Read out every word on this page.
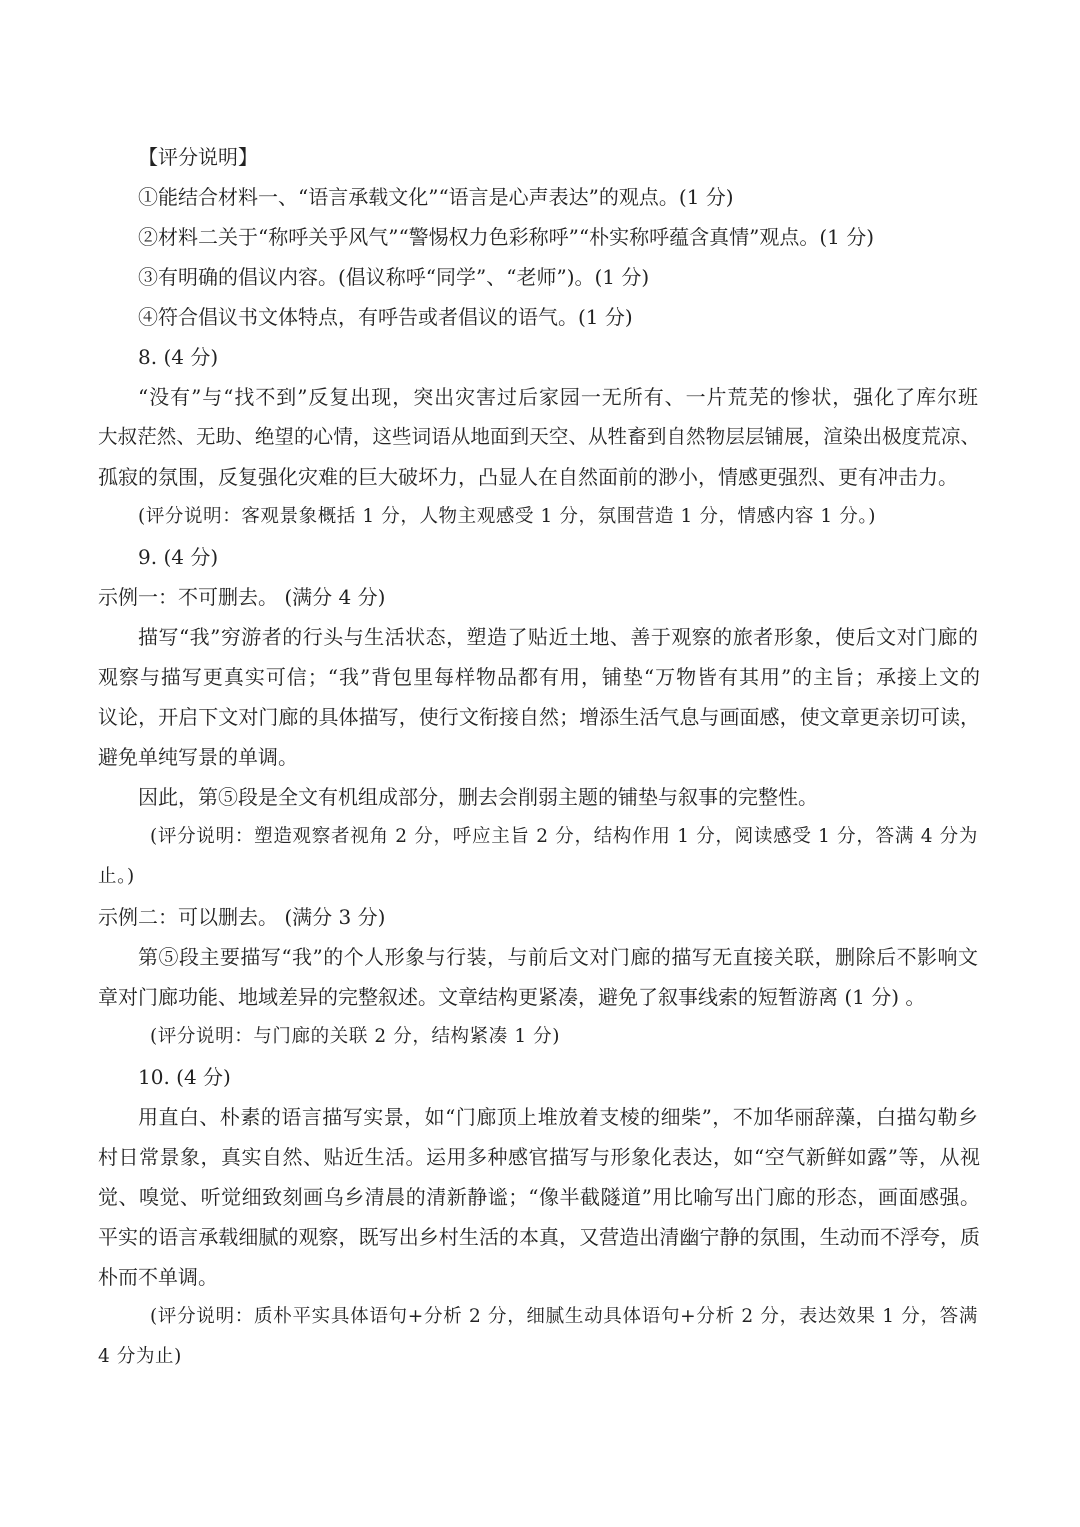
【评分说明】
①能结合材料一、“语言承载文化”“语言是心声表达”的观点。(1 分)
②材料二关于“称呼关乎风气”“警惕权力色彩称呼”“朴实称呼蕴含真情”观点。(1 分)
③有明确的倡议内容。(倡议称呼“同学”、“老师”)。(1 分)
④符合倡议书文体特点，有呼告或者倡议的语气。(1 分)
8. (4 分)
“没有”与“找不到”反复出现，突出灾害过后家园一无所有、一片荒芜的惨状，强化了库尔班
大叔茫然、无助、绝望的心情，这些词语从地面到天空、从牲畜到自然物层层铺展，渲染出极度荒凉、
孤寂的氛围，反复强化灾难的巨大破坏力，凸显人在自然面前的渺小，情感更强烈、更有冲击力。
(评分说明：客观景象概括 1 分，人物主观感受 1 分，氛围营造 1 分，情感内容 1 分。)
9. (4 分)
示例一：不可删去。 (满分 4 分)
描写“我”穷游者的行头与生活状态，塑造了贴近土地、善于观察的旅者形象，使后文对门廊的
观察与描写更真实可信；“我”背包里每样物品都有用，铺垫“万物皆有其用”的主旨；承接上文的
议论，开启下文对门廊的具体描写，使行文衔接自然；增添生活气息与画面感，使文章更亲切可读，
避免单纯写景的单调。
因此，第⑤段是全文有机组成部分，删去会削弱主题的铺垫与叙事的完整性。
(评分说明：塑造观察者视角 2 分，呼应主旨 2 分，结构作用 1 分，阅读感受 1 分，答满 4 分为
止。)
示例二：可以删去。 (满分 3 分)
第⑤段主要描写“我”的个人形象与行装，与前后文对门廊的描写无直接关联，删除后不影响文
章对门廊功能、地域差异的完整叙述。文章结构更紧凑，避免了叙事线索的短暂游离 (1 分) 。
(评分说明：与门廊的关联 2 分，结构紧凑 1 分)
10. (4 分)
用直白、朴素的语言描写实景，如“门廊顶上堆放着支棱的细柴”，不加华丽辞藻，白描勾勒乡
村日常景象，真实自然、贴近生活。运用多种感官描写与形象化表达，如“空气新鲜如露”等，从视
觉、嗅觉、听觉细致刻画乌乡清晨的清新静谧；“像半截隧道”用比喻写出门廊的形态，画面感强。
平实的语言承载细腻的观察，既写出乡村生活的本真，又营造出清幽宁静的氛围，生动而不浮夸，质
朴而不单调。
(评分说明：质朴平实具体语句+分析 2 分，细腻生动具体语句+分析 2 分，表达效果 1 分，答满
4 分为止)
